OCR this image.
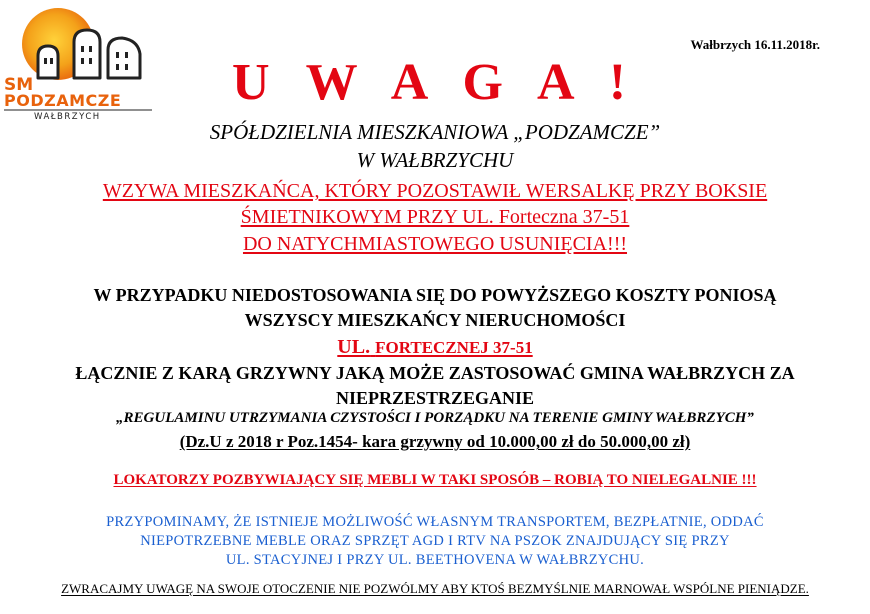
SM
PODZAMCZE
WAŁBRZYCH
Wałbrzych 16.11.2018r.
U W A G A !
SPÓŁDZIELNIA MIESZKANIOWA „PODZAMCZE”
W WAŁBRZYCHU
WZYWA MIESZKAŃCA, KTÓRY POZOSTAWIŁ WERSALKĘ PRZY BOKSIE
ŚMIETNIKOWYM PRZY UL. Forteczna 37-51
DO NATYCHMIASTOWEGO USUNIĘCIA!!!
W PRZYPADKU NIEDOSTOSOWANIA SIĘ DO POWYŻSZEGO KOSZTY PONIOSĄ
WSZYSCY MIESZKAŃCY NIERUCHOMOŚCI
UL. FORTECZNEJ 37-51
ŁĄCZNIE Z KARĄ GRZYWNY JAKĄ MOŻE ZASTOSOWAĆ GMINA WAŁBRZYCH ZA
NIEPRZESTRZEGANIE
„REGULAMINU UTRZYMANIA CZYSTOŚCI I PORZĄDKU NA TERENIE GMINY WAŁBRZYCH”
(Dz.U z 2018 r Poz.1454- kara grzywny od 10.000,00 zł do 50.000,00 zł)
LOKATORZY POZBYWIAJĄCY SIĘ MEBLI W TAKI SPOSÓB – ROBIĄ TO NIELEGALNIE !!!
PRZYPOMINAMY, ŻE ISTNIEJE MOŻLIWOŚĆ WŁASNYM TRANSPORTEM, BEZPŁATNIE, ODDAĆ
NIEPOTRZEBNE MEBLE ORAZ SPRZĘT AGD I RTV NA PSZOK ZNAJDUJĄCY SIĘ PRZY
UL. STACYJNEJ I PRZY UL. BEETHOVENA W WAŁBRZYCHU.
ZWRACAJMY UWAGĘ NA SWOJE OTOCZENIE NIE POZWÓLMY ABY KTOŚ BEZMYŚLNIE MARNOWAŁ WSPÓLNE PIENIĄDZE.
